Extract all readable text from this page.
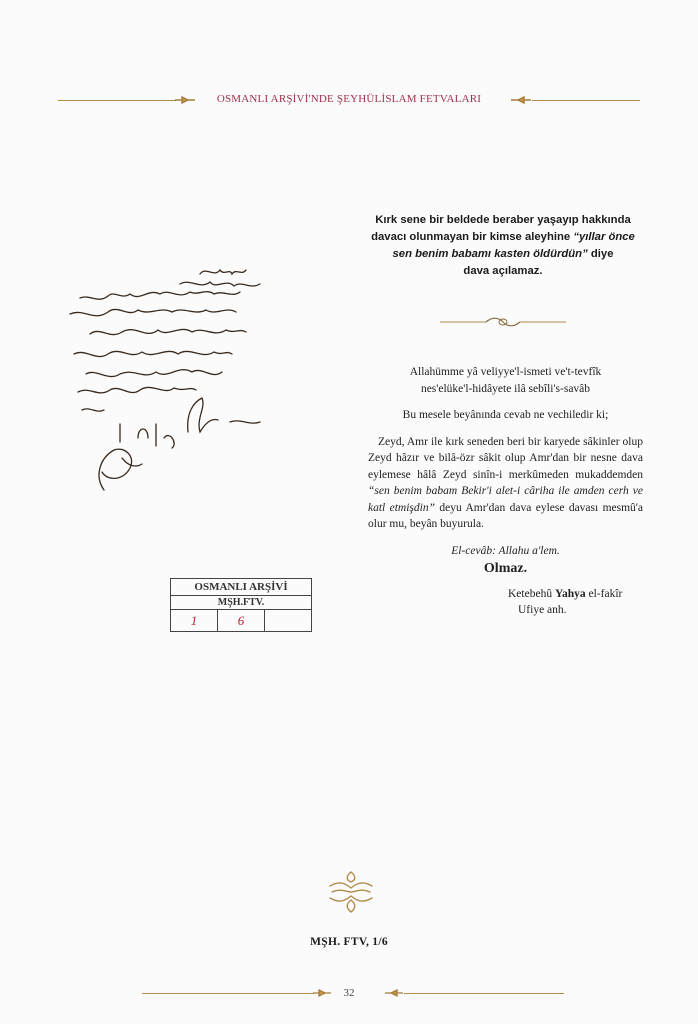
OSMANLI ARŞİVİ'NDE ŞEYHÜLİSLAM FETVALARI
Kırk sene bir beldede beraber yaşayıp hakkında
davacı olunmayan bir kimse aleyhine “yıllar önce
sen benim babamı kasten öldürdün” diye
dava açılamaz.

Allahümme yâ veliyye'l-ismeti ve't-tevfîk

nes'elüke'l-hidâyete ilâ sebîli's-savâb

Bu mesele beyânında cevab ne vechiledir ki;

Zeyd, Amr ile kırk seneden beri bir karyede sâkinler olup Zeyd hâzır ve bilâ-özr sâkit olup Amr'dan bir nesne dava eylemese hâlâ Zeyd sinîn-i merkûmeden mukaddemden “sen benim babam Bekir'i alet-i câriha ile amden cerh ve katl etmişdin” deyu Amr'dan dava eylese davası mesmû'a olur mu, beyân buyurula.

El-cevâb: Allahu a'lem.

Olmaz.

Ketebehû Yahya el-fakîr

Ufiye anh.

OSMANLI ARŞİVİ
MŞH.FTV.
1	6
MŞH. FTV, 1/6
32
